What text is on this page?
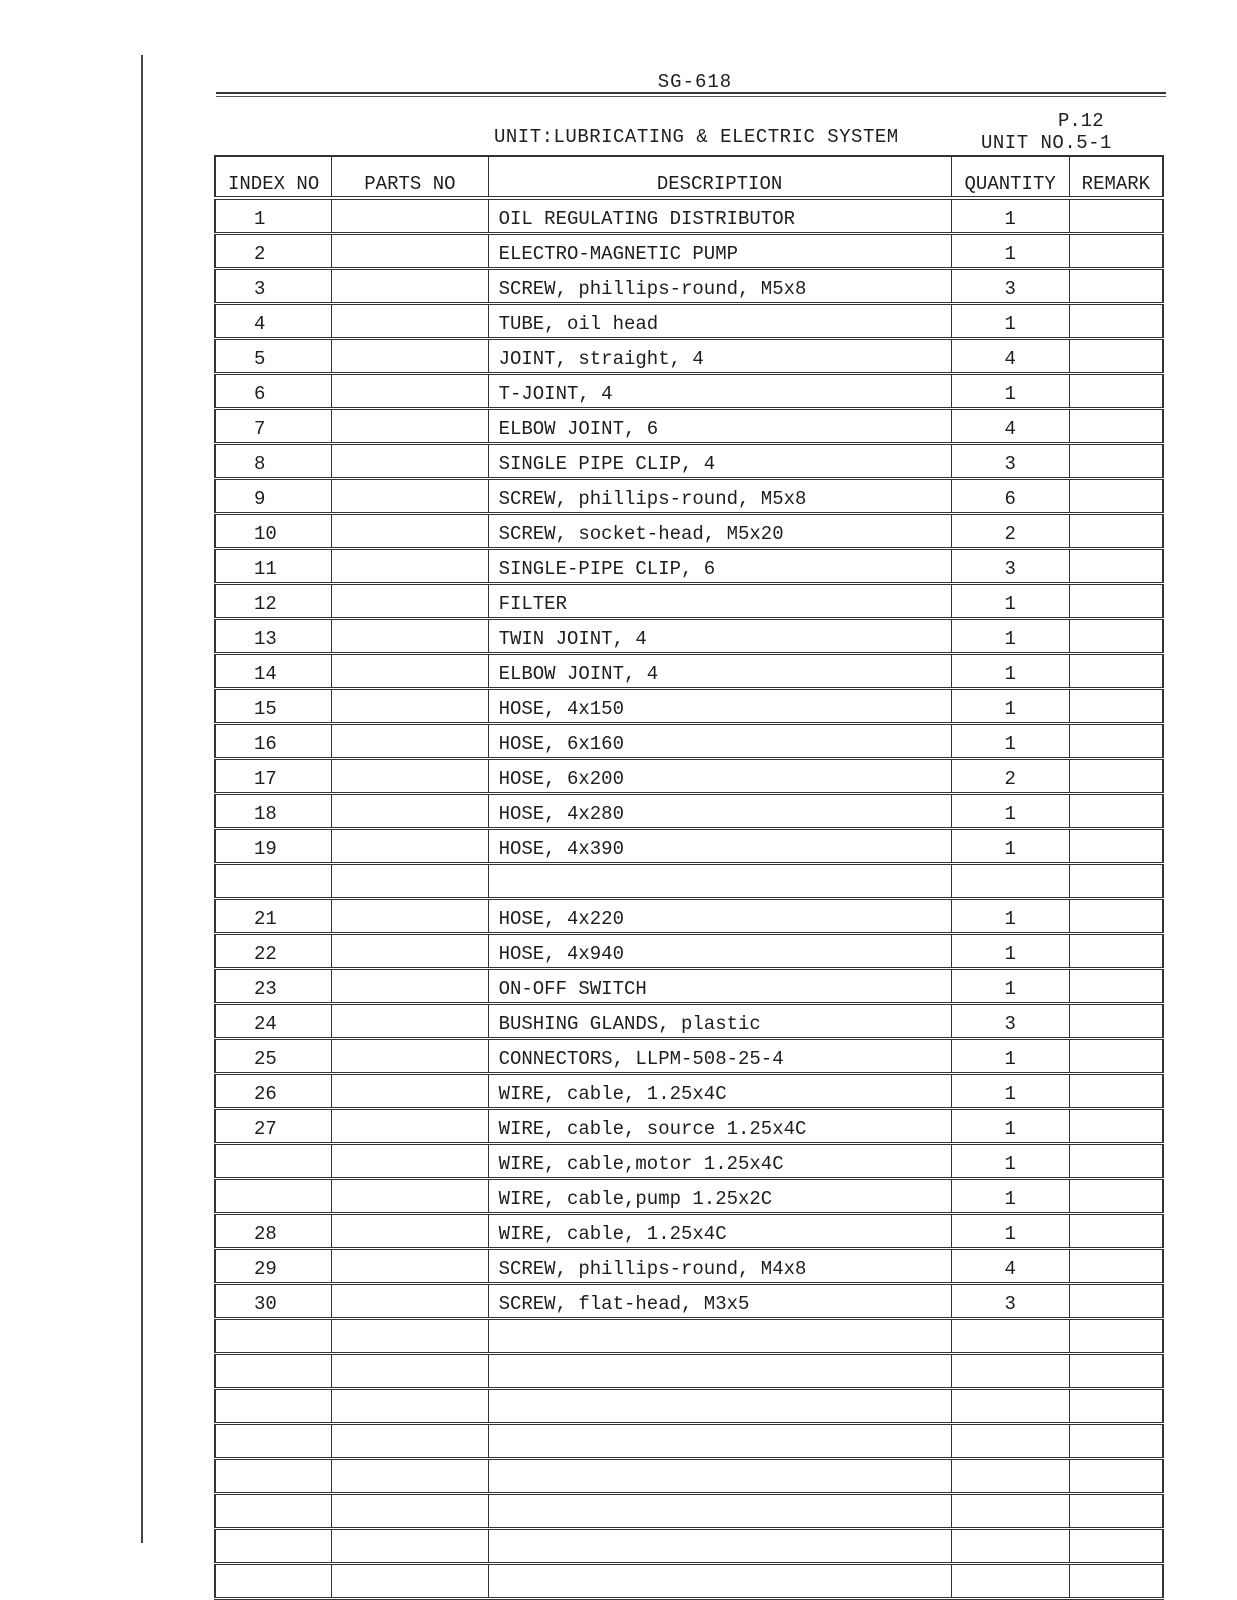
SG-618
UNIT:LUBRICATING & ELECTRIC SYSTEM
P.12
UNIT NO.5-1
INDEX NO	PARTS NO	DESCRIPTION	QUANTITY	REMARK
1		OIL REGULATING DISTRIBUTOR	1	
2		ELECTRO-MAGNETIC PUMP	1	
3		SCREW, phillips-round, M5x8	3	
4		TUBE, oil head	1	
5		JOINT, straight, 4	4	
6		T-JOINT, 4	1	
7		ELBOW JOINT, 6	4	
8		SINGLE PIPE CLIP, 4	3	
9		SCREW, phillips-round, M5x8	6	
10		SCREW, socket-head, M5x20	2	
11		SINGLE-PIPE CLIP, 6	3	
12		FILTER	1	
13		TWIN JOINT, 4	1	
14		ELBOW JOINT, 4	1	
15		HOSE, 4x150	1	
16		HOSE, 6x160	1	
17		HOSE, 6x200	2	
18		HOSE, 4x280	1	
19		HOSE, 4x390	1	

21		HOSE, 4x220	1	
22		HOSE, 4x940	1	
23		ON-OFF SWITCH	1	
24		BUSHING GLANDS, plastic	3	
25		CONNECTORS, LLPM-508-25-4	1	
26		WIRE, cable, 1.25x4C	1	
27		WIRE, cable, source 1.25x4C	1	
		WIRE, cable,motor 1.25x4C	1	
		WIRE, cable,pump 1.25x2C	1	
28		WIRE, cable, 1.25x4C	1	
29		SCREW, phillips-round, M4x8	4	
30		SCREW, flat-head, M3x5	3	
